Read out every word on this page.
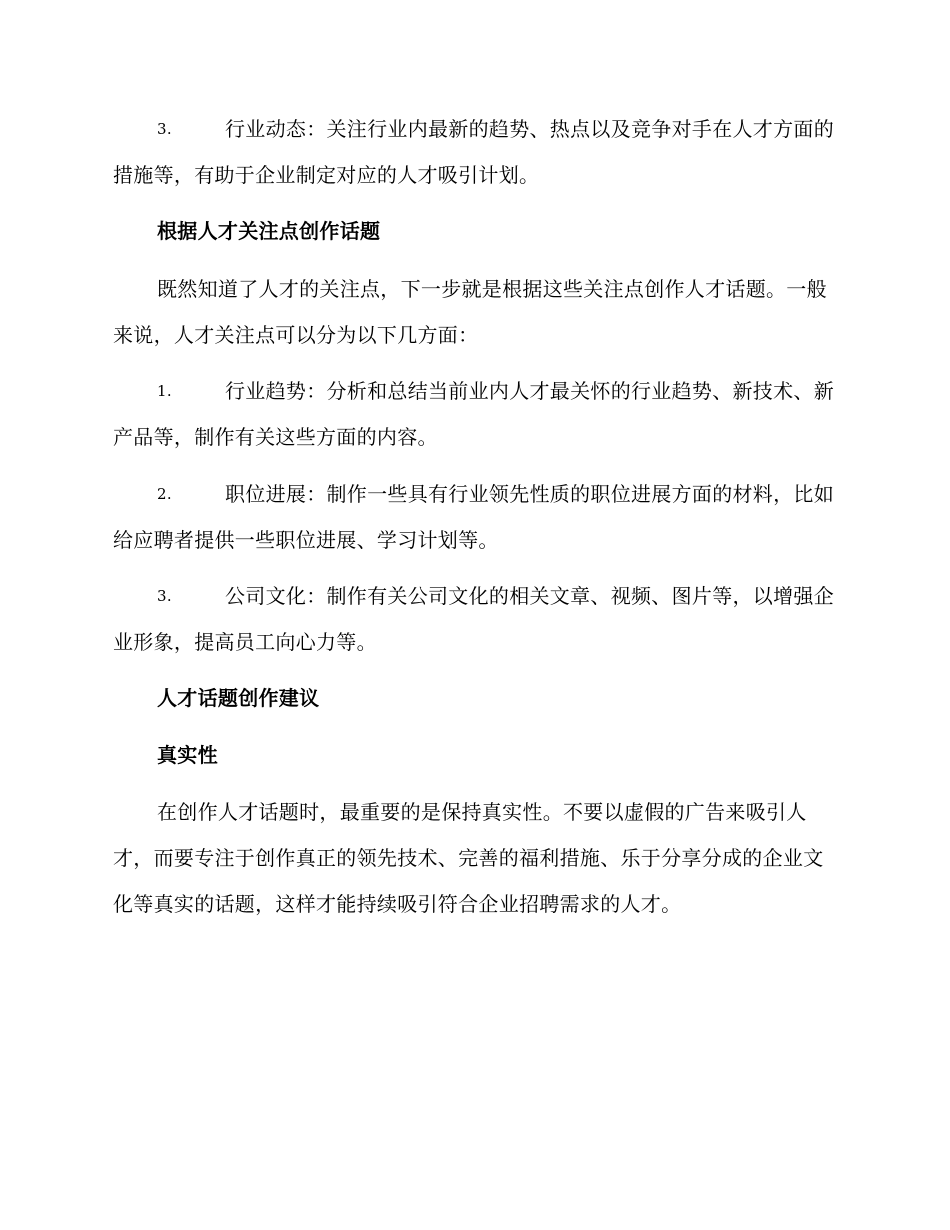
3.	行业动态：关注行业内最新的趋势、热点以及竞争对手在人才方面的措施等，有助于企业制定对应的人才吸引计划。
根据人才关注点创作话题
既然知道了人才的关注点，下一步就是根据这些关注点创作人才话题。一般来说，人才关注点可以分为以下几方面：
1.	行业趋势：分析和总结当前业内人才最关怀的行业趋势、新技术、新产品等，制作有关这些方面的内容。
2.	职位进展：制作一些具有行业领先性质的职位进展方面的材料，比如给应聘者提供一些职位进展、学习计划等。
3.	公司文化：制作有关公司文化的相关文章、视频、图片等，以增强企业形象，提高员工向心力等。
人才话题创作建议
真实性
在创作人才话题时，最重要的是保持真实性。不要以虚假的广告来吸引人才，而要专注于创作真正的领先技术、完善的福利措施、乐于分享分成的企业文化等真实的话题，这样才能持续吸引符合企业招聘需求的人才。
